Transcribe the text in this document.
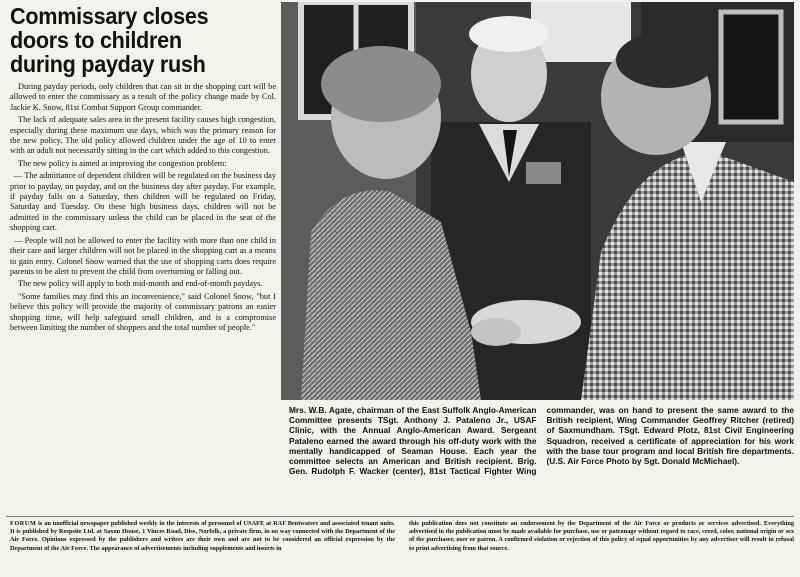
Commissary closes
doors to children
during payday rush

During payday periods, only children that can sit in the shopping cart will be allowed to enter the commissary as a result of the policy change made by Col. Jackie K. Snow, 81st Combat Support Group commander.

The lack of adequate sales area in the present facility causes high congestion, especially during these maximum use days, which was the primary reason for the new policy. The old policy allowed children under the age of 10 to enter with an adult not necessarily sitting in the cart which added to this congestion.

The new policy is aimed at improving the congestion problem:

— The admittance of dependent children will be regulated on the business day prior to payday, on payday, and on the business day after payday. For example, if payday falls on a Saturday, then children will be regulated on Friday, Saturday and Tuesday. On these high business days, children will not be admitted in the commissary unless the child can be placed in the seat of the shopping cart.

— People will not be allowed to enter the facility with more than one child in their care and larger children will not be placed in the shopping cart as a means to gain entry. Colonel Snow warned that the use of shopping carts does require parents to be alert to prevent the child from overturning or falling out.

The new policy will apply to both mid-month and end-of-month paydays.

"Some families may find this an inconvenience," said Colonel Snow, "but I believe this policy will provide the majority of commissary patrons an easier shopping time, will help safeguard small children, and is a compromise between limiting the number of shoppers and the total number of people."

Mrs. W.B. Agate, chairman of the East Suffolk Anglo-American Committee presents TSgt. Anthony J. Pataleno Jr., USAF Clinic, with the Annual Anglo-American Award. Sergeant Pataleno earned the award through his off-duty work with the mentally handicapped of Seaman House. Each year the committee selects an American and British recipient. Brig. Gen. Rudolph F. Wacker (center), 81st Tactical Fighter Wing commander, was on hand to present the same award to the British recipient, Wing Commander Geoffrey Ritcher (retired) of Saxmundham. TSgt. Edward Plotz, 81st Civil Engineering Squadron, received a certificate of appreciation for his work with the base tour program and local British fire departments. (U.S. Air Force Photo by Sgt. Donald McMichael).

FORUM is an unofficial newspaper published weekly in the interests of personnel of USAFE at RAF Bentwaters and associated tenant units. It is published by Reepsite Ltd. at Saxon House, 1 Vinces Road, Diss, Norfolk, a private firm, in no way connected with the Department of the Air Force. Opinions expressed by the publishers and writers are their own and are not to be considered an official expression by the Department of the Air Force. The appearance of advertisements including supplements and inserts in

this publication does not constitute an endorsement by the Department of the Air Force or products or services advertised. Everything advertised in the publication must be made available for purchase, use or patronage without regard to race, creed, color, national origin or sex of the purchaser, user or patron. A confirmed violation or rejection of this policy of equal opportunities by any advertiser will result in refusal to print advertising from that source.
